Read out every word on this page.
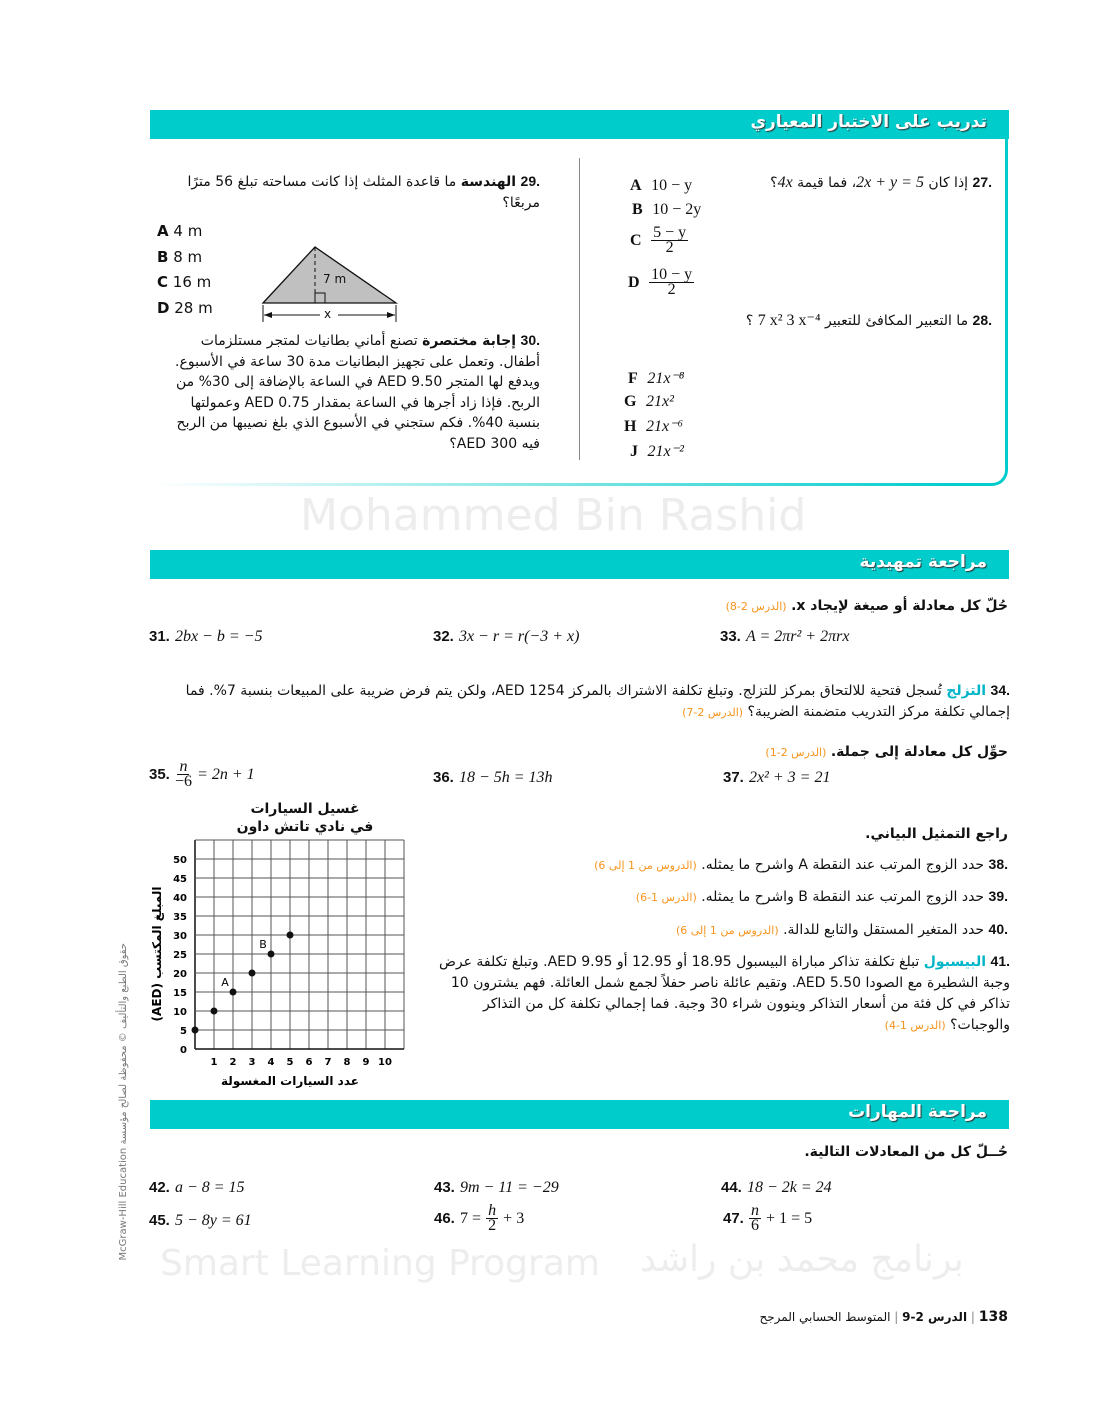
Mohammed Bin Rashid
Smart Learning Program برنامج محمد بن راشد
تدريب على الاختبار المعياري
.27 إذا كان 2x + y = 5، فما قيمة 4x؟
A 10 − y
B 10 − 2y
C $\frac{5 - y}{2}$
D $\frac{10 - y}{2}$
.28 ما التعبير المكافئ للتعبير 7 x² 3 x⁻⁴ ؟
F 21x⁻⁸
G 21x²
H 21x⁻⁶
J 21x⁻²
.29 الهندسة ما قاعدة المثلث إذا كانت مساحته تبلغ 56 مترًا مربعًا؟
A 4 m
B 8 m
C 16 m
D 28 m
7 m
x
.30 إجابة مختصرة تصنع أماني بطانيات لمتجر مستلزمات أطفال. وتعمل على تجهيز البطانيات مدة 30 ساعة في الأسبوع. ويدفع لها المتجر AED 9.50 في الساعة بالإضافة إلى 30% من الربح. فإذا زاد أجرها في الساعة بمقدار AED 0.75 وعمولتها بنسبة 40%. فكم ستجني في الأسبوع الذي بلغ نصيبها من الربح فيه AED 300؟
مراجعة تمهيدية
حُلّ كل معادلة أو صيغة لإيجاد x. (الدرس 2-8)
31. 2bx − b = −5	32. 3x − r = r(−3 + x)	33. A = 2πr² + 2πrx
.34 التزلج تُسجل فتحية للالتحاق بمركز للتزلج. وتبلغ تكلفة الاشتراك بالمركز AED 1254، ولكن يتم فرض ضريبة على المبيعات بنسبة 7%. فما إجمالي تكلفة مركز التدريب متضمنة الضريبة؟ (الدرس 2-7)
حوِّل كل معادلة إلى جملة. (الدرس 2-1)
35. $\frac{n}{-6} = 2n + 1$	36. 18 − 5h = 13h	37. 2x² + 3 = 21
غسيل السيارات
في نادي تاتش داون
1 2 3 4 5 6 7 8 9 10
0
5
10
15
20
25
30
35
40
45
50
A
B
عدد السيارات المغسولة
المبلغ المكتسب (AED)
راجع التمثيل البياني.
.38 حدد الزوج المرتب عند النقطة A واشرح ما يمثله. (الدروس من 1 إلى 6)
.39 حدد الزوج المرتب عند النقطة B واشرح ما يمثله. (الدرس 1-6)
.40 حدد المتغير المستقل والتابع للدالة. (الدروس من 1 إلى 6)
.41 البيسبول تبلغ تكلفة تذاكر مباراة البيسبول 18.95 أو 12.95 أو AED 9.95. وتبلغ تكلفة عرض وجبة الشطيرة مع الصودا AED 5.50. وتقيم عائلة ناصر حفلاً لجمع شمل العائلة. فهم يشترون 10 تذاكر في كل فئة من أسعار التذاكر وينوون شراء 30 وجبة. فما إجمالي تكلفة كل من التذاكر والوجبات؟ (الدرس 1-4)
مراجعة المهارات
حُــلّ كل من المعادلات التالية.
42. a − 8 = 15	43. 9m − 11 = −29	44. 18 − 2k = 24
45. 5 − 8y = 61	46. $7 = \frac{h}{2} + 3$	47. $\frac{n}{6} + 1 = 5$
138 | الدرس 2-9 | المتوسط الحسابي المرجح
حقوق الطبع والتأليف © محفوظة لصالح مؤسسة McGraw-Hill Education
